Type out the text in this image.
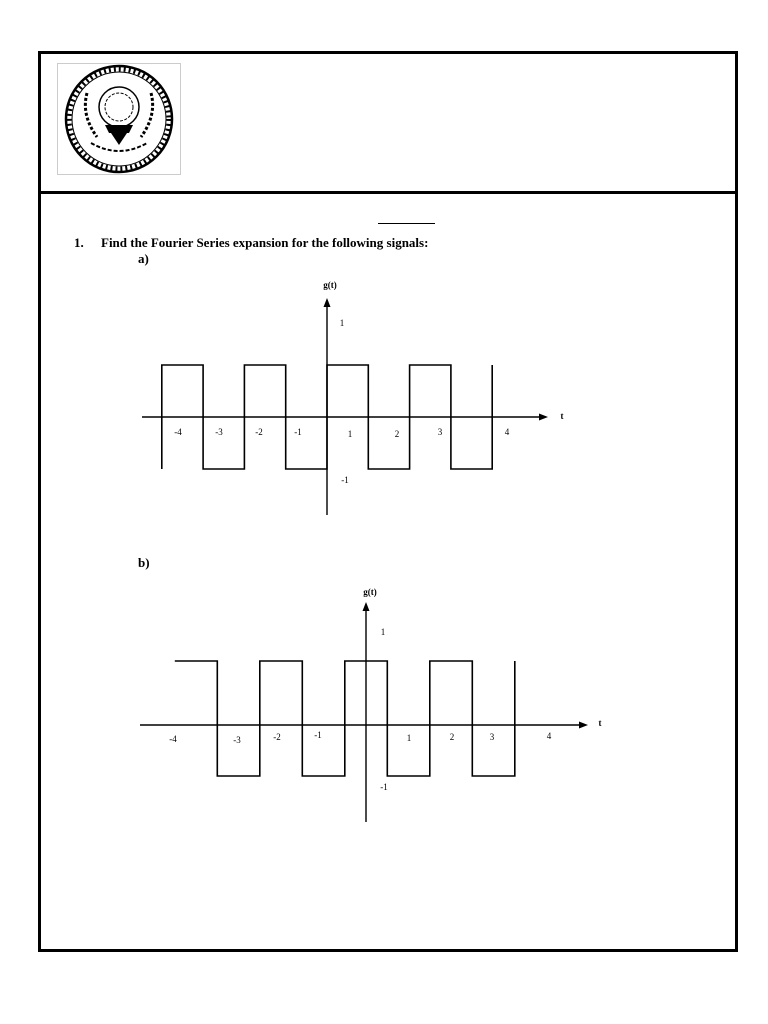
1. Find the Fourier Series expansion for the following signals:
a)
b)
g(t)
t
1
-1
-4	-3	-2	-1	1	2	3	4
g(t)
t
1
-1
-4	-3	-2	-1	1	2	3	4
